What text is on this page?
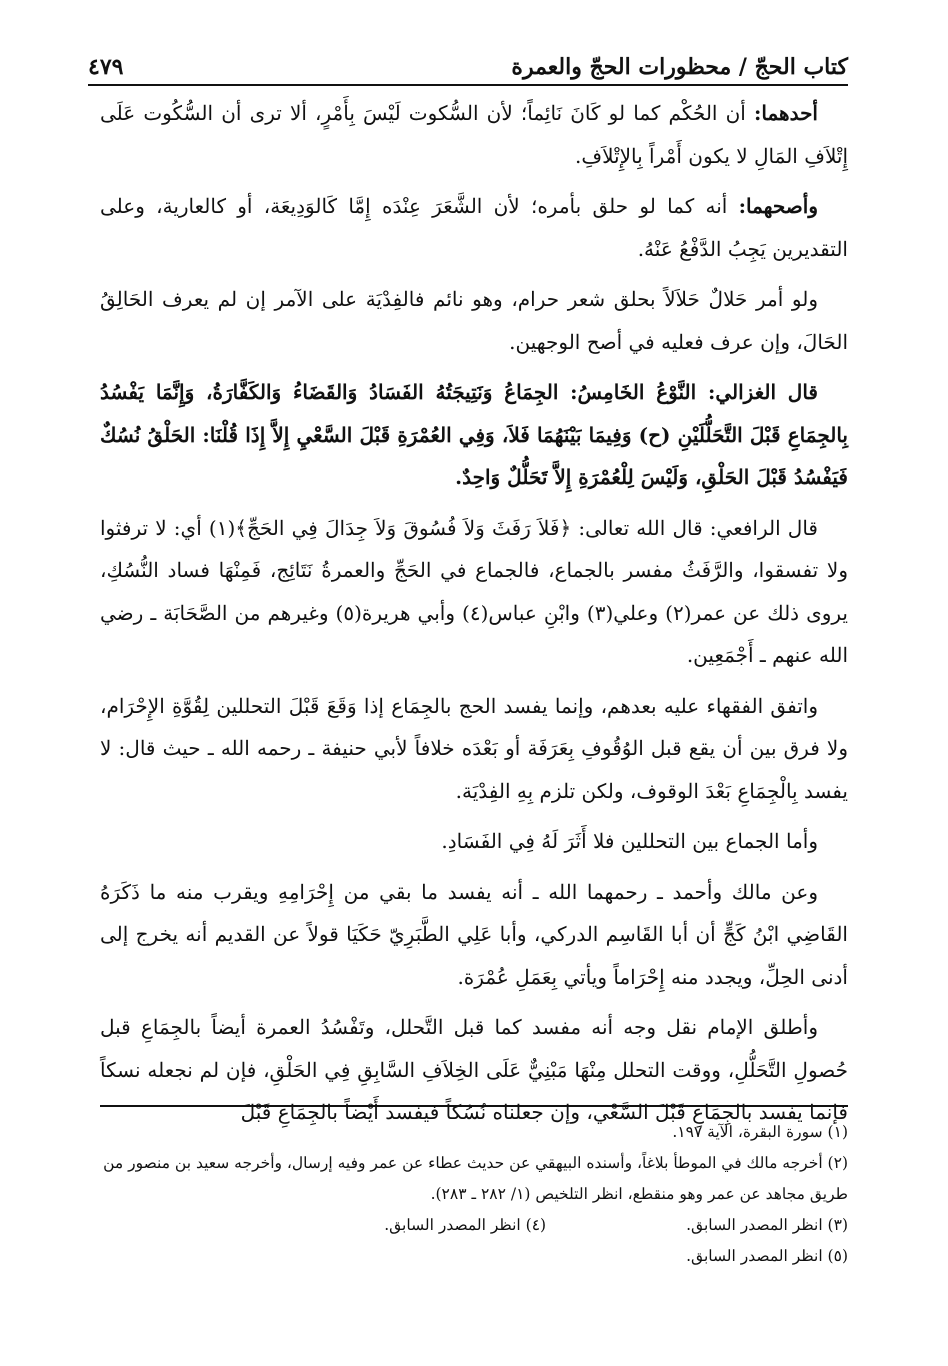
كتاب الحجّ / محظورات الحجّ والعمرة
٤٧٩

أحدهما: أن الحُكْم كما لو كَانَ نَائِماً؛ لأن السُّكوت لَيْسَ بِأَمْرٍ، ألا ترى أن السُّكُوت عَلَى إِتْلاَفِ المَالِ لا يكون أَمْراً بِالإِتْلاَفِ.

وأصحهما: أنه كما لو حلق بأمره؛ لأن الشَّعَرَ عِنْدَه إِمَّا كَالوَدِيعَة، أو كالعارية، وعلى التقديرين يَجِبُ الدَّفْعُ عَنْهُ.

ولو أمر حَلالٌ حَلاَلاً بحلق شعر حرام، وهو نائم فالفِدْيَة على الآمر إن لم يعرف الحَالِقُ الحَالَ، وإن عرف فعليه في أصح الوجهين.

قال الغزالي: النَّوْعُ الخَامِسُ: الجِمَاعُ وَنَتِيجَتُهُ الفَسَادُ وَالقَضَاءُ وَالكَفَّارَةُ، وَإِنَّمَا يَفْسُدُ بِالجِمَاعِ قَبْلَ التَّحَلُّلَيْنِ (ح) وَفِيمَا بَيْنَهُمَا فَلاَ، وَفِي العُمْرَةِ قَبْلَ السَّعْيِ إِلاَّ إِذَا قُلْنَا: الحَلْقُ نُسُكٌ فَيَفْسُدُ قَبْلَ الحَلْقِ، وَلَيْسَ لِلْعُمْرَةِ إِلاَّ تَحَلُّلٌ وَاحِدٌ.

قال الرافعي: قال الله تعالى: ﴿فَلاَ رَفَثَ وَلاَ فُسُوقَ وَلاَ جِدَالَ فِي الحَجِّ﴾(١) أي: لا ترفثوا ولا تفسقوا، والرَّفَثُ مفسر بالجماع، فالجماع في الحَجِّ والعمرةُ نَتَائِج، فَمِنْهَا فساد النُّسُكِ، يروى ذلك عن عمر(٢) وعلي(٣) وابْنِ عباس(٤) وأبي هريرة(٥) وغيرهم من الصَّحَابَة ـ رضي الله عنهم ـ أَجْمَعِين.

واتفق الفقهاء عليه بعدهم، وإنما يفسد الحج بالجِمَاع إذا وَقَعَ قَبْلَ التحللين لِقُوَّةِ الإِحْرَام، ولا فرق بين أن يقع قبل الوُقُوفِ بِعَرَفَة أو بَعْدَه خلافاً لأبي حنيفة ـ رحمه الله ـ حيث قال: لا يفسد بِالْجِمَاعِ بَعْدَ الوقوف، ولكن تلزم بِهِ الفِدْيَة.

وأما الجماع بين التحللين فلا أَثَرَ لَهُ فِي الفَسَادِ.

وعن مالك وأحمد ـ رحمهما الله ـ أنه يفسد ما بقي من إِحْرَامِهِ ويقرب منه ما ذَكَرَهُ القَاضِي ابْنُ كَجٍّ أن أبا القَاسِم الدركي، وأبا عَلِي الطَّبَرِيّ حَكَيَا قولاً عن القديم أنه يخرج إلى أدنى الحِلِّ، ويجدد منه إِحْرَاماً ويأتي بِعَمَلِ عُمْرَة.

وأطلق الإمام نقل وجه أنه مفسد كما قبل التَّحلل، وتَفْسُدُ العمرة أيضاً بالجِمَاعِ قبل حُصولِ التَّحَلُّلِ، ووقت التحلل مِنْهَا مَبْنِيٌّ عَلَى الخِلاَفِ السَّابِقِ فِي الحَلْقِ، فإن لم نجعله نسكاً فإنما يفسد بالجِمَاعِ قَبْلَ السَّعْي، وإن جعلناه نُسُكاً فيفسد أَيْضاً بالجِمَاعِ قَبْلَ

(١) سورة البقرة، الآية ١٩٧.

(٢) أخرجه مالك في الموطأ بلاغاً، وأسنده البيهقي عن حديث عطاء عن عمر وفيه إرسال، وأخرجه سعيد بن منصور من طريق مجاهد عن عمر وهو منقطع، انظر التلخيص (١/ ٢٨٢ ـ ٢٨٣).

(٣) انظر المصدر السابق.

(٤) انظر المصدر السابق.

(٥) انظر المصدر السابق.
